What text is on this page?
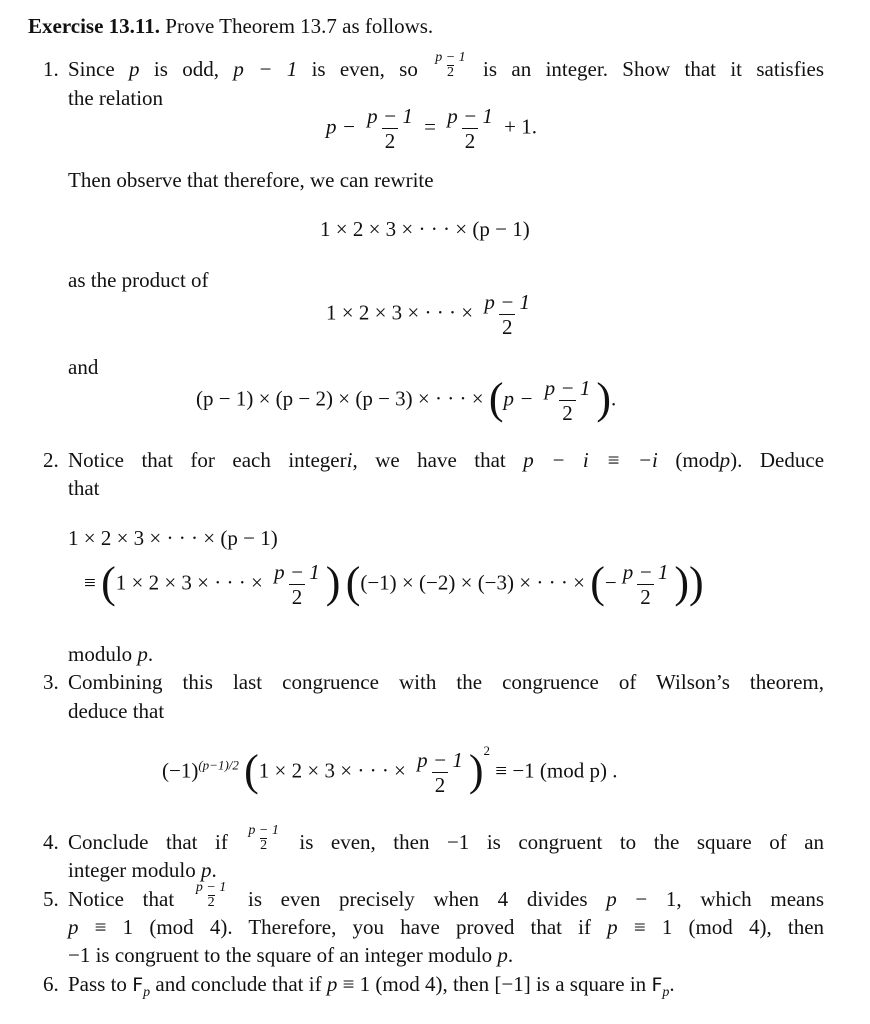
Exercise 13.11. Prove Theorem 13.7 as follows.
1. Since p is odd, p − 1 is even, so $\frac{p - 1}{2}$ is an integer. Show that it satisfies
the relation
$p - \frac{p - 1}{2} = \frac{p - 1}{2} + 1$.
Then observe that therefore, we can rewrite
1 × 2 × 3 × · · · × (p − 1)
as the product of
1 × 2 × 3 × · · · × $\frac{p - 1}{2}$
and
(p − 1) × (p − 2) × (p − 3) × · · · × ($p - \frac{p - 1}{2}$ ).
2. Notice that for each integeri, we have that p − i ≡ −i (modp). Deduce
that
1 × 2 × 3 × · · · × (p − 1)
≡ (1 × 2 × 3 × · · · × $\frac{p - 1}{2}$ ) ((−1) × (−2) × (−3) × · · · × (− $\frac{p - 1}{2}$ ))
modulo p.
3. Combining this last congruence with the congruence of Wilson’s theorem,
deduce that
$(-1)^{(p-1)/2}$ (1 × 2 × 3 × · · · × $\frac{p - 1}{2} )^2 \equiv -1$ (mod p) .
4. Conclude that if $\frac{p - 1}{2}$ is even, then −1 is congruent to the square of an
integer modulo p.
5. Notice that $\frac{p - 1}{2}$ is even precisely when 4 divides p − 1, which means
p ≡ 1 (mod 4). Therefore, you have proved that if p ≡ 1 (mod 4), then
−1 is congruent to the square of an integer modulo p.
6. Pass to $F_p$ and conclude that if p ≡ 1 (mod 4), then [−1] is a square in $F_p$.
